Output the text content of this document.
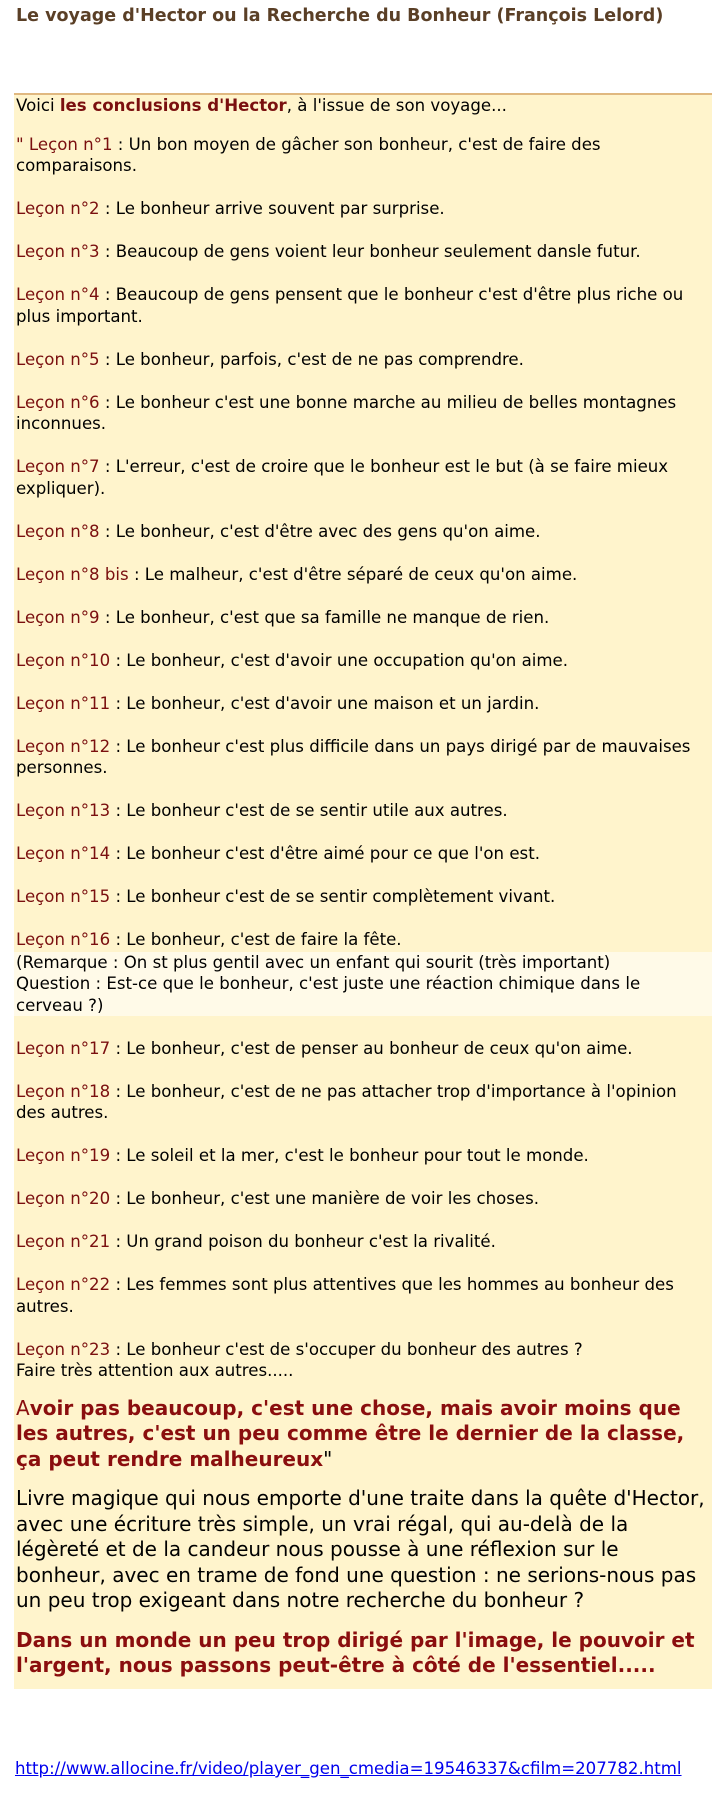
Le voyage d'Hector ou la Recherche du Bonheur (François Lelord)

Voici les conclusions d'Hector, à l'issue de son voyage...

" Leçon n°1 : Un bon moyen de gâcher son bonheur, c'est de faire des comparaisons.

Leçon n°2 : Le bonheur arrive souvent par surprise.

Leçon n°3 : Beaucoup de gens voient leur bonheur seulement dansle futur.

Leçon n°4 : Beaucoup de gens pensent que le bonheur c'est d'être plus riche ou plus important.

Leçon n°5 : Le bonheur, parfois, c'est de ne pas comprendre.

Leçon n°6 : Le bonheur c'est une bonne marche au milieu de belles montagnes inconnues.

Leçon n°7 : L'erreur, c'est de croire que le bonheur est le but (à se faire mieux expliquer).

Leçon n°8 : Le bonheur, c'est d'être avec des gens qu'on aime.

Leçon n°8 bis : Le malheur, c'est d'être séparé de ceux qu'on aime.

Leçon n°9 : Le bonheur, c'est que sa famille ne manque de rien.

Leçon n°10 : Le bonheur, c'est d'avoir une occupation qu'on aime.

Leçon n°11 : Le bonheur, c'est d'avoir une maison et un jardin.

Leçon n°12 : Le bonheur c'est plus difficile dans un pays dirigé par de mauvaises personnes.

Leçon n°13 : Le bonheur c'est de se sentir utile aux autres.

Leçon n°14 : Le bonheur c'est d'être aimé pour ce que l'on est.

Leçon n°15 : Le bonheur c'est de se sentir complètement vivant.

Leçon n°16 : Le bonheur, c'est de faire la fête.

(Remarque : On st plus gentil avec un enfant qui sourit (très important)
Question : Est-ce que le bonheur, c'est juste une réaction chimique dans le cerveau ?)

Leçon n°17 : Le bonheur, c'est de penser au bonheur de ceux qu'on aime.

Leçon n°18 : Le bonheur, c'est de ne pas attacher trop d'importance à l'opinion des autres.

Leçon n°19 : Le soleil et la mer, c'est le bonheur pour tout le monde.

Leçon n°20 : Le bonheur, c'est une manière de voir les choses.

Leçon n°21 : Un grand poison du bonheur c'est la rivalité.

Leçon n°22 : Les femmes sont plus attentives que les hommes au bonheur des autres.

Leçon n°23 : Le bonheur c'est de s'occuper du bonheur des autres ?
Faire très attention aux autres.....

Avoir pas beaucoup, c'est une chose, mais avoir moins que les autres, c'est un peu comme être le dernier de la classe, ça peut rendre malheureux"

Livre magique qui nous emporte d'une traite dans la quête d'Hector, avec une écriture très simple, un vrai régal, qui au-delà de la légèreté et de la candeur nous pousse à une réflexion sur le bonheur, avec en trame de fond une question : ne serions-nous pas un peu trop exigeant dans notre recherche du bonheur ?

Dans un monde un peu trop dirigé par l'image, le pouvoir et l'argent, nous passons peut-être à côté de l'essentiel.....

http://www.allocine.fr/video/player_gen_cmedia=19546337&cfilm=207782.html
